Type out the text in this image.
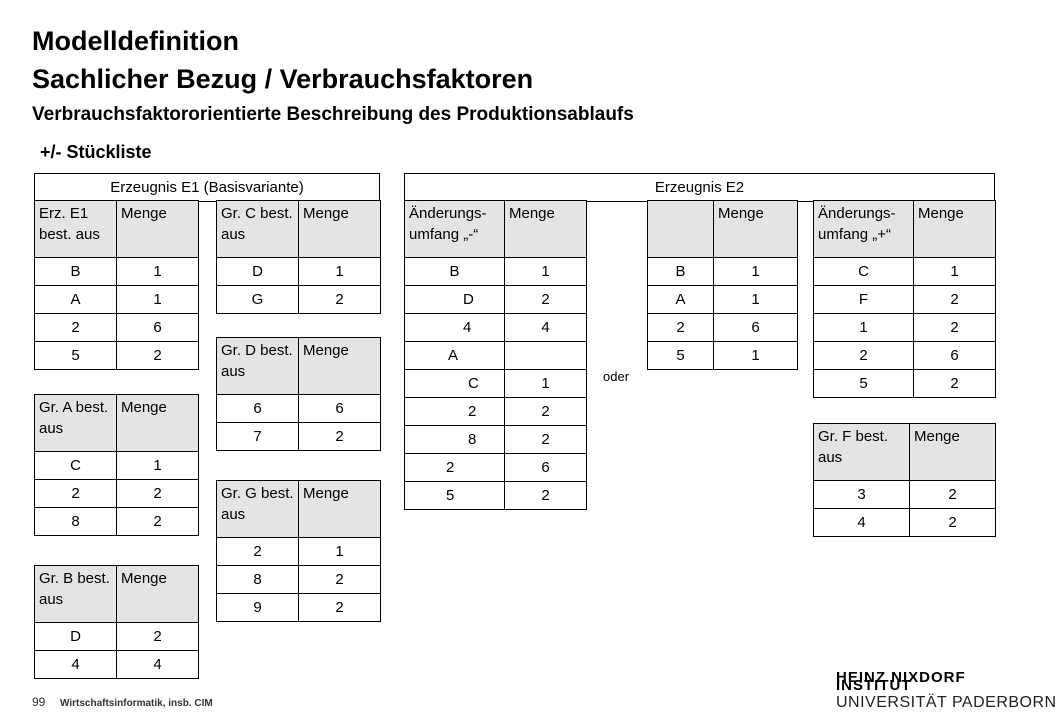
Modelldefinition
Sachlicher Bezug / Verbrauchsfaktoren
Verbrauchsfaktororientierte Beschreibung des Produktionsablaufs
+/- Stückliste
Erzeugnis E1 (Basisvariante)
Erz. E1 best. aus	Menge
B	1
A	1
2	6
5	2
Gr. A best. aus	Menge
C	1
2	2
8	2
Gr. B best. aus	Menge
D	2
4	4
Gr. C best. aus	Menge
D	1
G	2
Gr. D best. aus	Menge
6	6
7	2
Gr. G best. aus	Menge
2	1
8	2
9	2
Erzeugnis E2
Änderungs-umfang „-“	Menge
B	1
D	2
4	4
A	
C	1
2	2
8	2
2	6
5	2
oder
	Menge
B	1
A	1
2	6
5	1
Änderungs-umfang „+“	Menge
C	1
F	2
1	2
2	6
5	2
Gr. F best. aus	Menge
3	2
4	2
99 Wirtschaftsinformatik, insb. CIM
HEINZ NIXDORF INSTITUT
UNIVERSITÄT PADERBORN
